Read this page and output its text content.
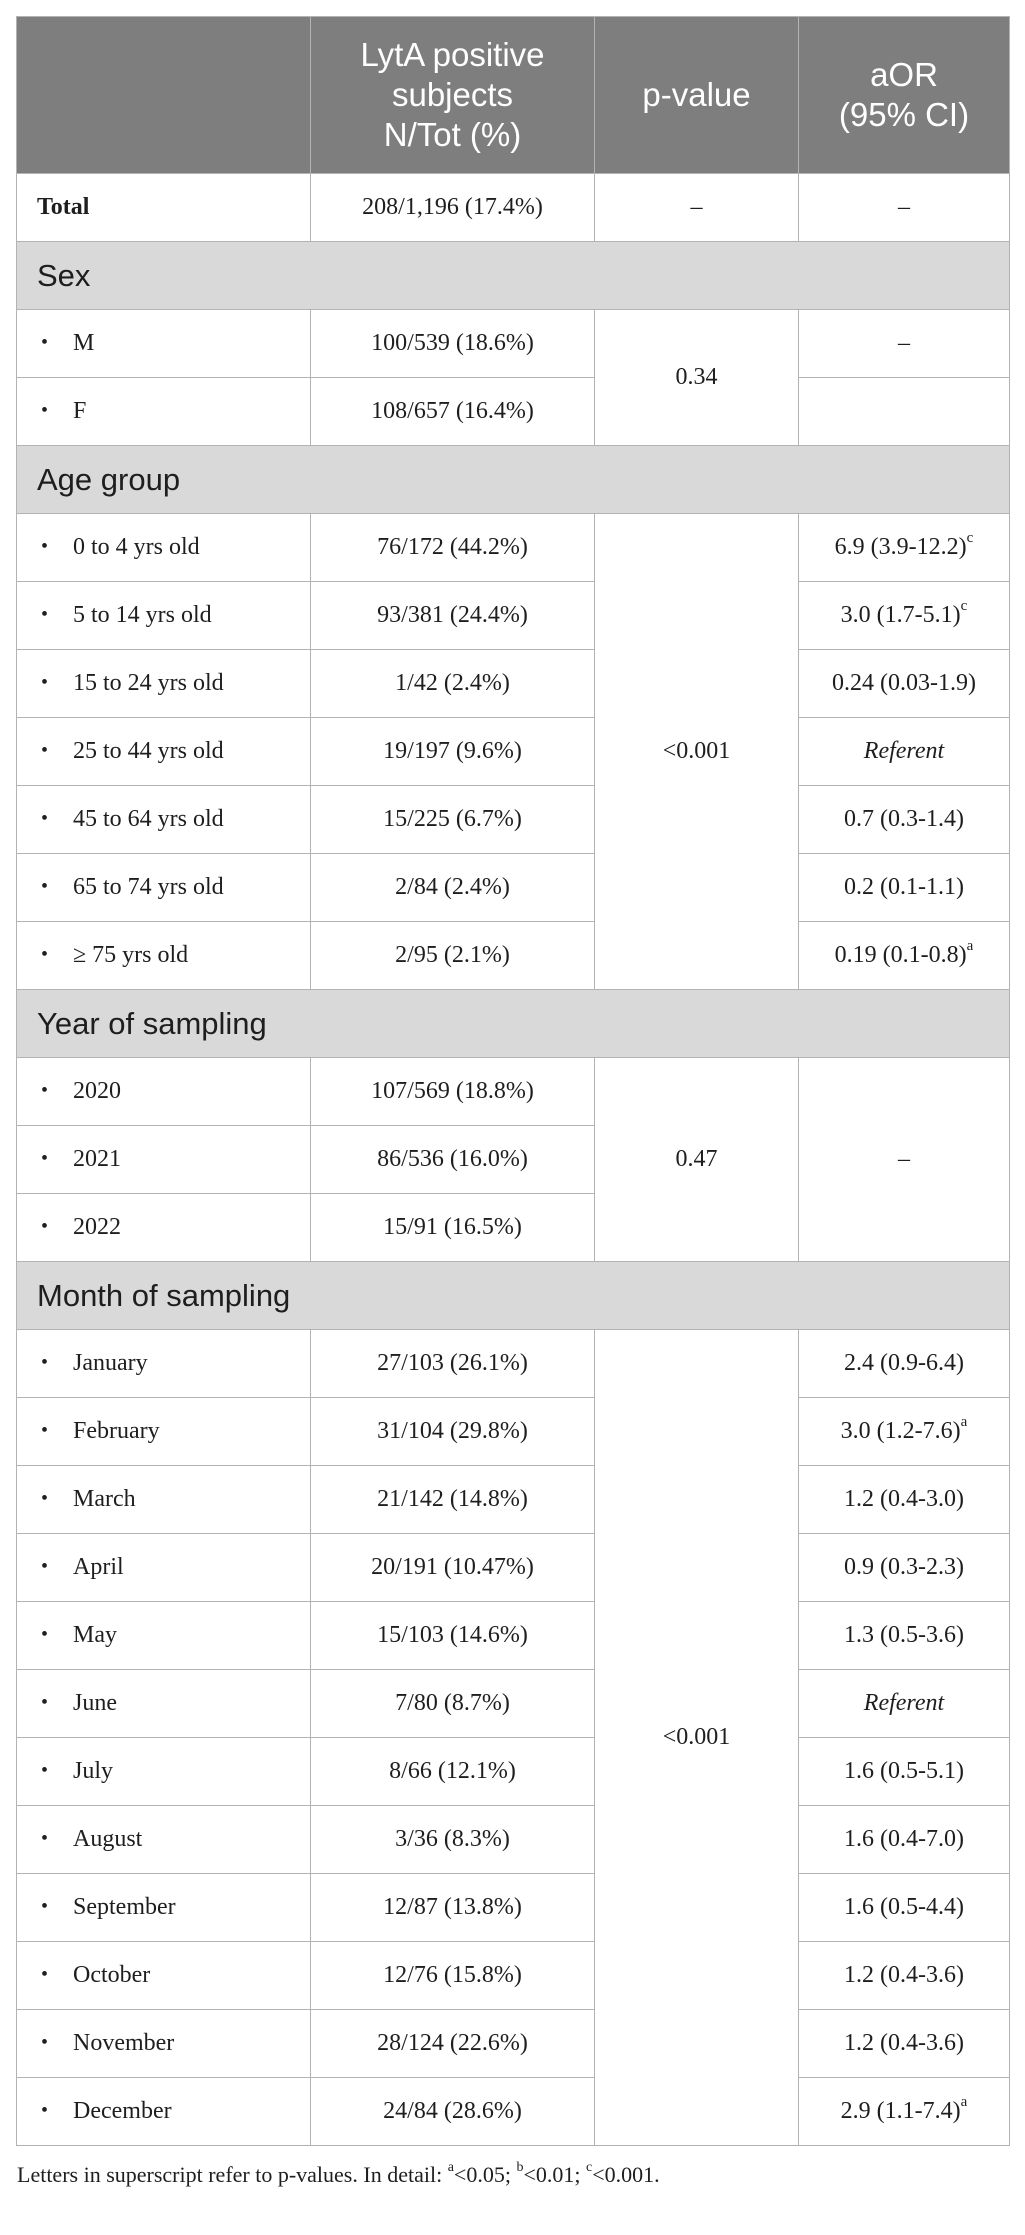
	LytA positive
subjects
N/Tot (%)	p-value	aOR
(95% CI)
Total	208/1,196 (17.4%)	–	–
Sex			

• M	100/539 (18.6%)	0.34	–

• F	108/657 (16.4%)		
Age group			

• 0 to 4 yrs old	76/172 (44.2%)	<0.001	6.9 $(3.9-12.2)^c$

• 5 to 14 yrs old	93/381 (24.4%)		3.0 $(1.7-5.1)^c$

• 15 to 24 yrs old	1/42 (2.4%)		0.24 (0.03-1.9)

• 25 to 44 yrs old	19/197 (9.6%)		Referent

• 45 to 64 yrs old	15/225 (6.7%)		0.7 (0.3-1.4)

• 65 to 74 yrs old	2/84 (2.4%)		0.2 (0.1-1.1)

• ≥ 75 yrs old	2/95 (2.1%)		0.19 $(0.1-0.8)^a$
Year of sampling			

• 2020	107/569 (18.8%)	0.47	–

• 2021	86/536 (16.0%)		

• 2022	15/91 (16.5%)		
Month of sampling			

• January	27/103 (26.1%)	<0.001	2.4 (0.9-6.4)

• February	31/104 (29.8%)		3.0 $(1.2-7.6)^a$

• March	21/142 (14.8%)		1.2 (0.4-3.0)

• April	20/191 (10.47%)		0.9 (0.3-2.3)

• May	15/103 (14.6%)		1.3 (0.5-3.6)

• June	7/80 (8.7%)		Referent

• July	8/66 (12.1%)		1.6 (0.5-5.1)

• August	3/36 (8.3%)		1.6 (0.4-7.0)

• September	12/87 (13.8%)		1.6 (0.5-4.4)

• October	12/76 (15.8%)		1.2 (0.4-3.6)

• November	28/124 (22.6%)		1.2 (0.4-3.6)

• December	24/84 (28.6%)		2.9 $(1.1-7.4)^a$
Letters in superscript refer to p-values. In detail: $^a$<0.05; $^b$<0.01; $^c$<0.001.
